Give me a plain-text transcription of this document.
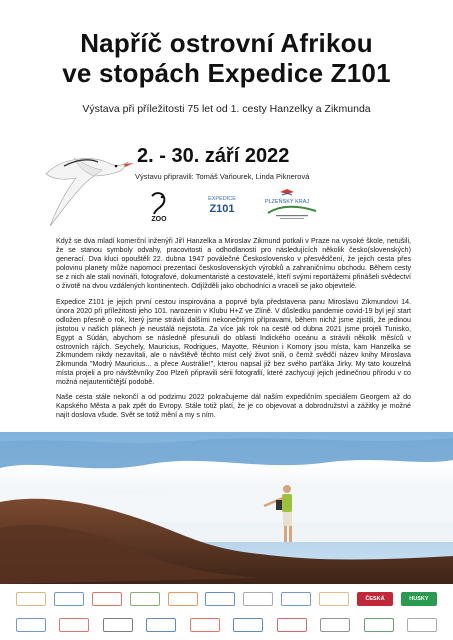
Napříč ostrovní Afrikou
ve stopách Expedice Z101
Výstava při příležitosti 75 let od 1. cesty Hanzelky a Zikmunda
2. - 30. září 2022
Výstavu připravili: Tomáš Vaňourek, Linda Piknerová
ZOO
EXPEDICE
Z101
PLZEŇSKÝ KRAJ
Když se dva mladí komerční inženýři Jiří Hanzelka a Miroslav Zikmund potkali v Praze na vysoké škole, netušili, že se stanou symboly odvahy, pracovitosti a odhodlanosti pro následujících několik česko(slovenských) generací. Dva kluci opouštěli 22. dubna 1947 poválečné Československo v přesvědčení, že jejich cesta přes polovinu planety může napomoci prezentaci československých výrobků a zahraničnímu obchodu. Během cesty se z nich ale stali novináři, fotografové, dokumentaristé a cestovatelé, kteří svými reportážemi přinášeli svědectví o životě na dvou vzdálených kontinentech. Odjížděli jako obchodníci a vraceli se jako objevitelé.
Expedice Z101 je jejich první cestou inspirována a poprvé byla představena panu Miroslavu Zikmundovi 14. února 2020 při příležitosti jeho 101. narozenin v Klubu H+Z ve Zlíně. V důsledku pandemie covid-19 byl její start odložen přesně o rok, který jsme strávili dalšími nekonečnými přípravami, během nichž jsme zjistili, že jedinou jistotou v našich plánech je neustálá nejistota. Za více jak rok na cestě od dubna 2021 jsme projeli Tunisko, Egypt a Súdán, abychom se následně přesunuli do oblasti Indického oceánu a strávili několik měsíců v ostrovních rájích. Seychely, Mauricius, Rodrigues, Mayotte, Réunion i Komory jsou místa, kam Hanzelka se Zikmundem nikdy nezavítali, ale o návštěvě těchto míst celý život snili, o čemž svědčí název knihy Miroslava Zikmunda "Modrý Mauricius... a přece Austrálie!", kterou napsal již bez svého parťáka Jirky. My tato kouzelná místa projeli a pro návštěvníky Zoo Plzeň připravili sérii fotografií, které zachycují jejich jedinečnou přírodu v co možná nejautentičtější podobě.
Naše cesta stále nekončí a od podzimu 2022 pokračujeme dál naším expedičním speciálem Georgem až do Kapského Města a pak zpět do Evropy. Stále totiž platí, že je co objevovat a dobrodružství a zážitky je možné najít doslova všude. Svět se totiž mění a my s ním.
ČESKÁ	HUSKY
